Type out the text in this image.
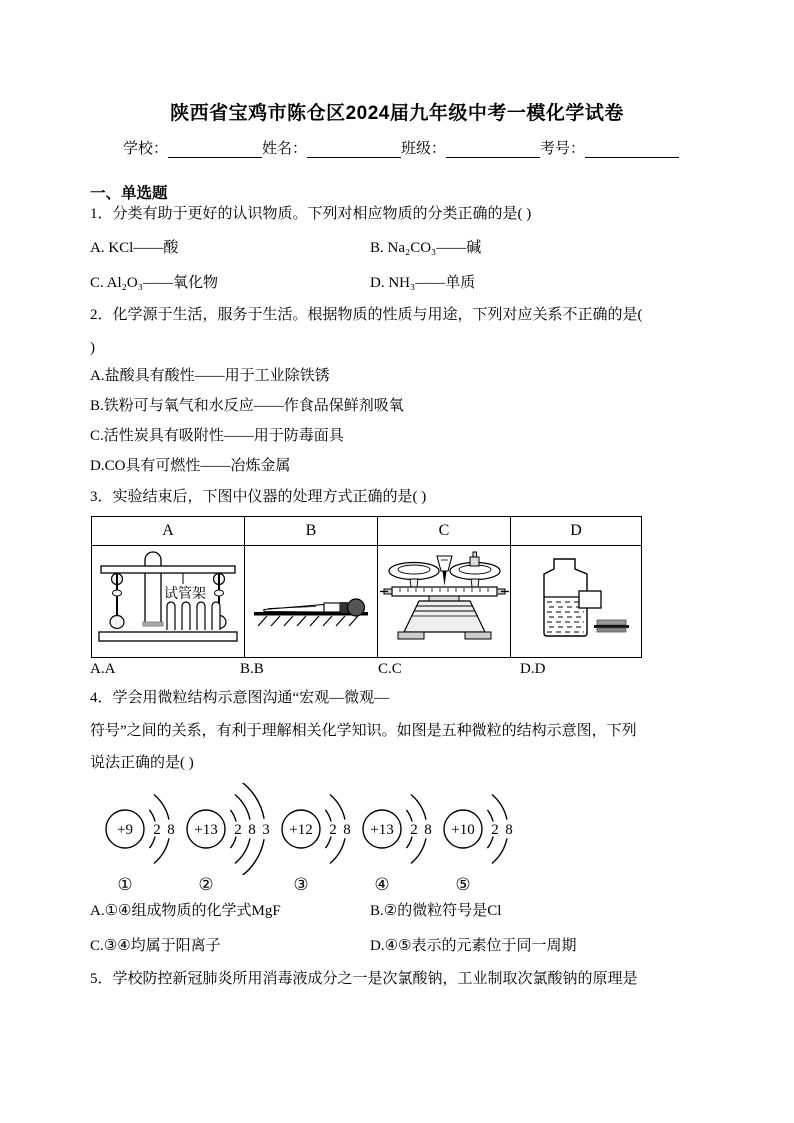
陕西省宝鸡市陈仓区2024届九年级中考一模化学试卷
学校：	姓名：	班级：	考号：
一、单选题
1．分类有助于更好的认识物质。下列对相应物质的分类正确的是( )
A. KCl——酸	B. Na₂CO₃——碱
C. Al₂O₃——氧化物	D. NH₃——单质
2．化学源于生活，服务于生活。根据物质的性质与用途，下列对应关系不正确的是(
)
A.盐酸具有酸性——用于工业除铁锈
B.铁粉可与氧气和水反应——作食品保鲜剂吸氧
C.活性炭具有吸附性——用于防毒面具
D.CO具有可燃性——冶炼金属
3．实验结束后，下图中仪器的处理方式正确的是( )
A	B	C	D

试管架

A.A	B.B	C.C	D.D
4．学会用微粒结构示意图沟通“宏观—微观—
符号”之间的关系，有利于理解相关化学知识。如图是五种微粒的结构示意图，下列
说法正确的是( )
+9 2 8
①
+13 2 8 3
②
+12 2 8
③
+13 2 8
④
+10 2 8
⑤
A.①④组成物质的化学式MgF	B.②的微粒符号是Cl
C.③④均属于阳离子	D.④⑤表示的元素位于同一周期
5．学校防控新冠肺炎所用消毒液成分之一是次氯酸钠，工业制取次氯酸钠的原理是
